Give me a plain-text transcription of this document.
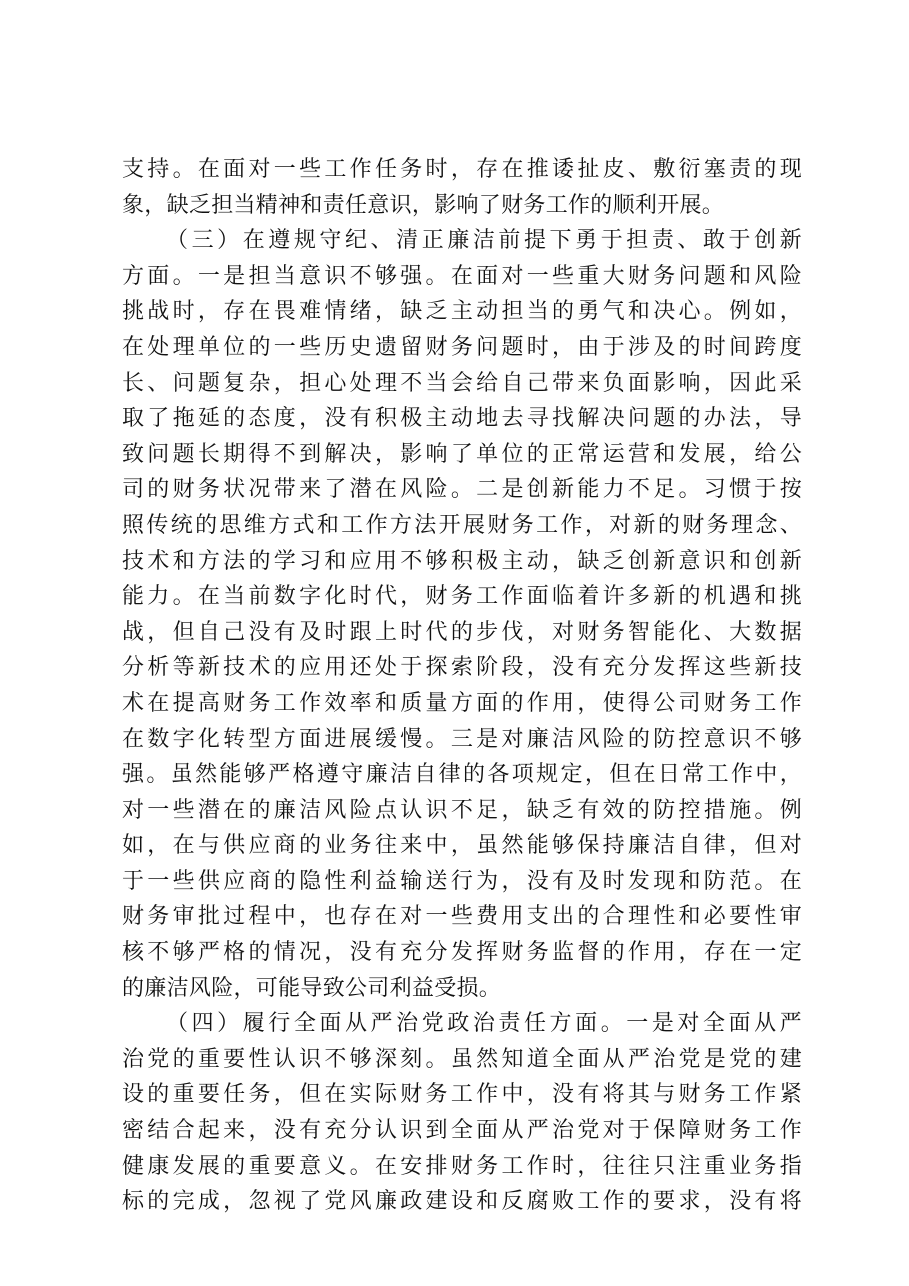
支持。在面对一些工作任务时，存在推诿扯皮、敷衍塞责的现
象，缺乏担当精神和责任意识，影响了财务工作的顺利开展。
（三）在遵规守纪、清正廉洁前提下勇于担责、敢于创新
方面。一是担当意识不够强。在面对一些重大财务问题和风险
挑战时，存在畏难情绪，缺乏主动担当的勇气和决心。例如，
在处理单位的一些历史遗留财务问题时，由于涉及的时间跨度
长、问题复杂，担心处理不当会给自己带来负面影响，因此采
取了拖延的态度，没有积极主动地去寻找解决问题的办法，导
致问题长期得不到解决，影响了单位的正常运营和发展，给公
司的财务状况带来了潜在风险。二是创新能力不足。习惯于按
照传统的思维方式和工作方法开展财务工作，对新的财务理念、
技术和方法的学习和应用不够积极主动，缺乏创新意识和创新
能力。在当前数字化时代，财务工作面临着许多新的机遇和挑
战，但自己没有及时跟上时代的步伐，对财务智能化、大数据
分析等新技术的应用还处于探索阶段，没有充分发挥这些新技
术在提高财务工作效率和质量方面的作用，使得公司财务工作
在数字化转型方面进展缓慢。三是对廉洁风险的防控意识不够
强。虽然能够严格遵守廉洁自律的各项规定，但在日常工作中，
对一些潜在的廉洁风险点认识不足，缺乏有效的防控措施。例
如，在与供应商的业务往来中，虽然能够保持廉洁自律，但对
于一些供应商的隐性利益输送行为，没有及时发现和防范。在
财务审批过程中，也存在对一些费用支出的合理性和必要性审
核不够严格的情况，没有充分发挥财务监督的作用，存在一定
的廉洁风险，可能导致公司利益受损。
（四）履行全面从严治党政治责任方面。一是对全面从严
治党的重要性认识不够深刻。虽然知道全面从严治党是党的建
设的重要任务，但在实际财务工作中，没有将其与财务工作紧
密结合起来，没有充分认识到全面从严治党对于保障财务工作
健康发展的重要意义。在安排财务工作时，往往只注重业务指
标的完成，忽视了党风廉政建设和反腐败工作的要求，没有将
